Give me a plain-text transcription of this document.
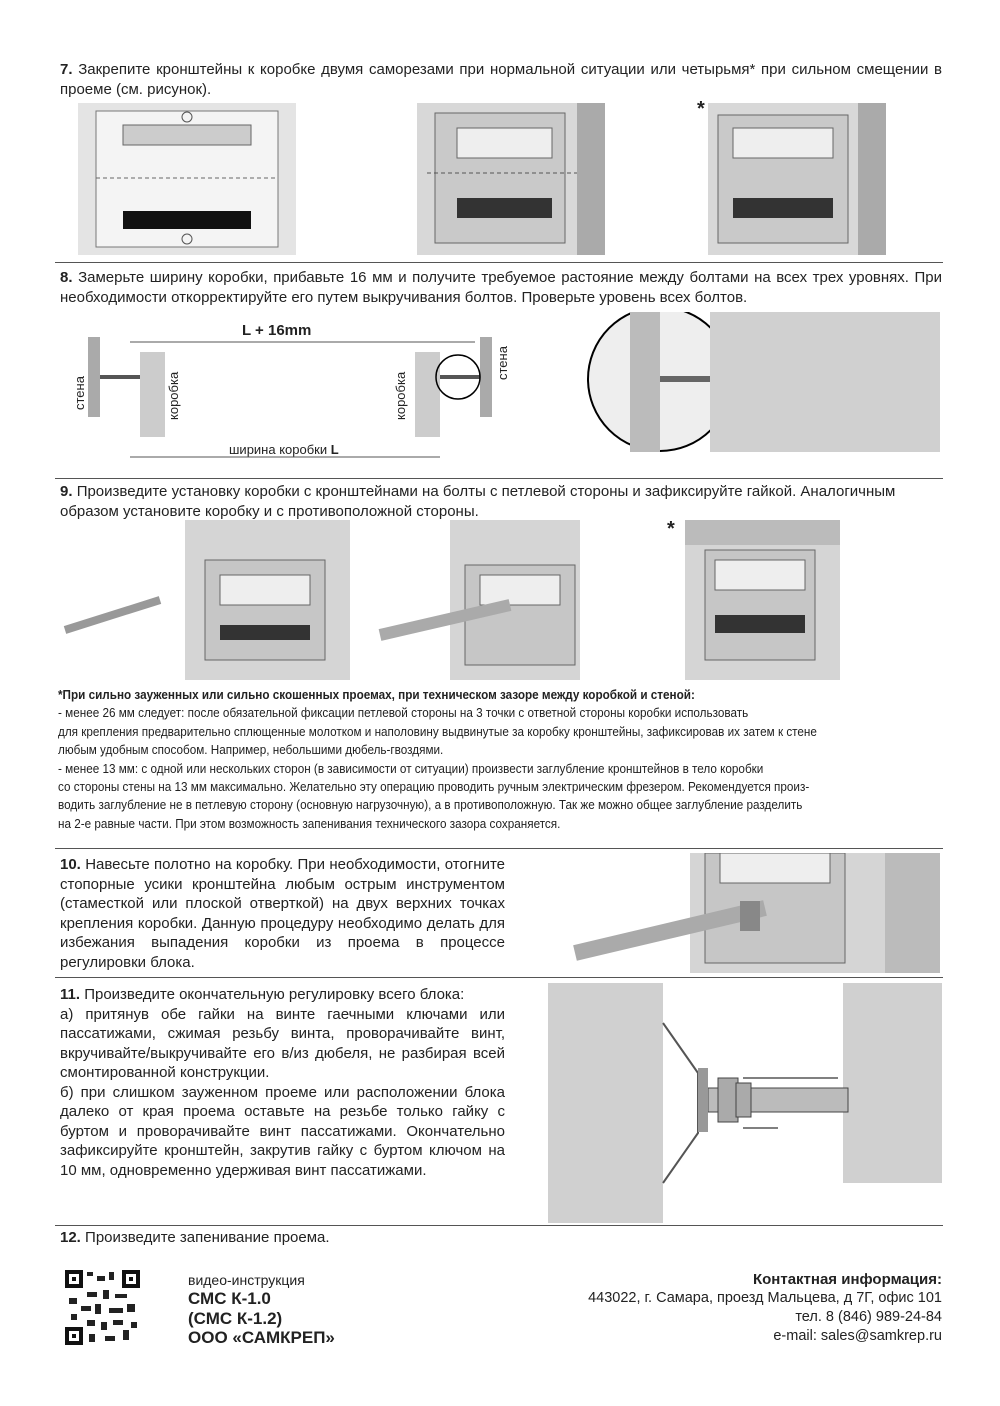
7. Закрепите кронштейны к коробке двумя саморезами при нормальной ситуации или четырьмя* при сильном смещении в проеме (см. рисунок).
*
8. Замерьте ширину коробки, прибавьте 16 мм и получите требуемое растояние между болтами на всех трех уровнях. При необходимости откорректируйте его путем выкручивания болтов. Проверьте уровень всех болтов.
L + 16mm
ширина коробки L
стена	коробка	коробка
стена
9. Произведите установку коробки с кронштейнами на болты с петлевой стороны и зафиксируйте гайкой. Аналогичным образом установите коробку и с противоположной стороны.
*
*При сильно зауженных или сильно скошенных проемах, при техническом зазоре между коробкой и стеной:
- менее 26 мм следует: после обязательной фиксации петлевой стороны на 3 точки с ответной стороны коробки использовать
для крепления предварительно сплющенные молотком и наполовину выдвинутые за коробку кронштейны, зафиксировав их затем к стене
любым удобным способом. Например, небольшими дюбель-гвоздями.
- менее 13 мм: с одной или нескольких сторон (в зависимости от ситуации) произвести заглубление кронштейнов в тело коробки
со стороны стены на 13 мм максимально. Желательно эту операцию проводить ручным электрическим фрезером. Рекомендуется произ-
водить заглубление не в петлевую сторону (основную нагрузочную), а в противоположную. Так же можно общее заглубление разделить
на 2-е равные части. При этом возможность запенивания технического зазора сохраняется.
10. Навесьте полотно на коробку. При необходимости, отогните стопорные усики кронштейна любым острым инструментом (стаместкой или плоской отверткой) на двух верхних точках крепления коробки. Данную процедуру необходимо делать для избежания выпадения коробки из проема в процессе регулировки блока.
11. Произведите окончательную регулировку всего блока:
а) притянув обе гайки на винте гаечными ключами или пассатижами, сжимая резьбу винта, проворачивайте винт, вкручивайте/выкручивайте его в/из дюбеля, не разбирая всей смонтированной конструкции.
б) при слишком зауженном проеме или расположении блока далеко от края проема оставьте на резьбе только гайку с буртом и проворачивайте винт пассатижами. Окончательно зафиксируйте кронштейн, закрутив гайку с буртом ключом на 10 мм, одновременно удерживая винт пассатижами.
12. Произведите запенивание проема.
видео-инструкция
СМС К-1.0
(СМС К-1.2)
ООО «САМКРЕП»
Контактная информация:
443022, г. Самара, проезд Мальцева, д 7Г, офис 101
тел. 8 (846) 989-24-84
e-mail: sales@samkrep.ru
